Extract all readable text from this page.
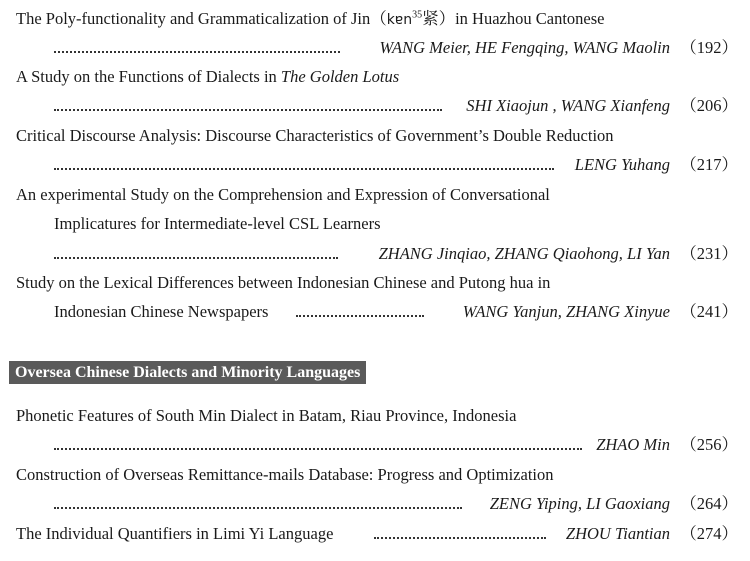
The Poly-functionality and Grammaticalization of Jin（kɐn$^{35}$紧）in Huazhou Cantonese
WANG Meier, HE Fengqing, WANG Maolin （192）
A Study on the Functions of Dialects in The Golden Lotus
SHI Xiaojun , WANG Xianfeng （206）
Critical Discourse Analysis: Discourse Characteristics of Government’s Double Reduction
LENG Yuhang （217）
An experimental Study on the Comprehension and Expression of Conversational
Implicatures for Intermediate-level CSL Learners
ZHANG Jinqiao, ZHANG Qiaohong, LI Yan （231）
Study on the Lexical Differences between Indonesian Chinese and Putong hua in
Indonesian Chinese Newspapers	WANG Yanjun, ZHANG Xinyue （241）
Oversea Chinese Dialects and Minority Languages
Phonetic Features of South Min Dialect in Batam, Riau Province, Indonesia
ZHAO Min （256）
Construction of Overseas Remittance-mails Database: Progress and Optimization
ZENG Yiping, LI Gaoxiang （264）
The Individual Quantifiers in Limi Yi Language	ZHOU Tiantian （274）
